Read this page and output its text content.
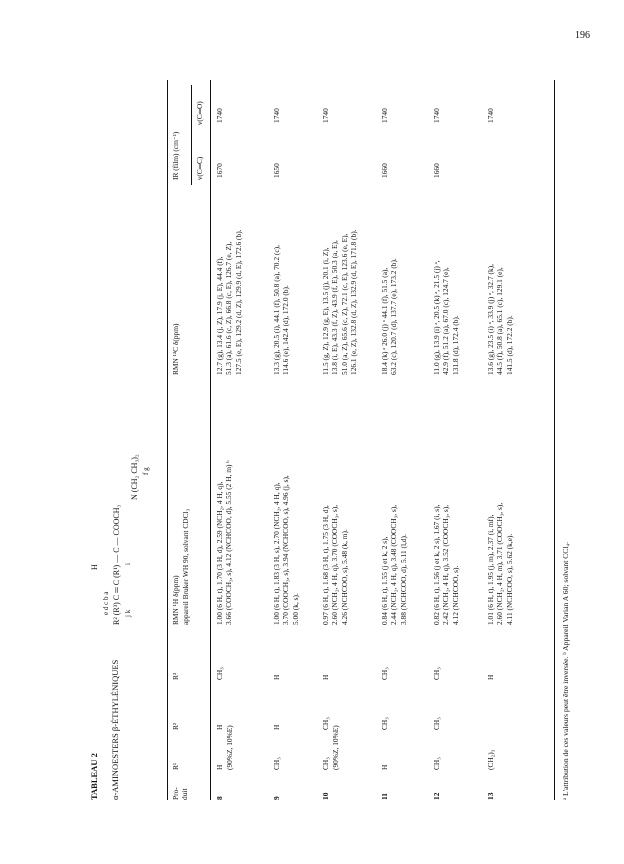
196
TABLEAU 2 α-AMINOESTERS β-ÉTHYLÉNIQUES
H
e d c b a R² (R³) C ═ C (R¹) — C — COOCH₃ j k
i
N (CH₂ CH₃)₂ f g
Pro- duit
R¹
R²
R³
RMN ¹H δ(ppm) appareil Bruker WH 90, solvant CDCl₃
RMN ¹³C δ(ppm)
IR (film) (cm⁻¹) ν(C═C)
ν(C═O)
8
H
H (90%Z, 10%E)
CH₃
1.00 (6 H, t), 1.70 (3 H, d), 2.59 (NCH₂, 4 H, q), 3.66 (COOCH₃, s), 4.12 (NCHCOO, d), 5.55 (2 H, m) ᵇ
12.7 (g), 13.4 (j, Z), 17.9 (j, E), 44.4 (f), 51.3 (a), 61.6 (c, Z), 66.8 (c, E), 126.7 (e, Z), 127.5 (e, E), 129.2 (d, Z), 129.9 (d, E), 172.6 (b).
1670
1740
9
CH₃
H
H
1.00 (6 H, t), 1.83 (3 H, s), 2.70 (NCH₂, 4 H, q), 3.70 (COOCH₃, s), 3.94 (NCHCOO, s), 4.96 (j, s), 5.00 (k, s).
13.3 (g), 20.5 (i), 44.1 (f), 50.8 (a), 70.2 (c), 114.6 (e), 142.4 (d), 172.0 (b).
1650
1740
10
CH₃
CH₃
(90%Z, 10%E)
H
0.97 (6 H, t), 1.68 (3 H, t), 1.75 (3 H, d), 2.60 (NCH₂, 4 H, q), 3.70 (COOCH₃, s), 4.26 (NCHCOO, s), 5.48 (k, m).
11.5 (g, Z), 12.9 (g, E), 13.5 (j), 20.1 (i, Z), 13.8 (i, E), 43.3 (f, Z), 43.9 (f, E), 50.3 (a, E), 51.0 (a, Z), 65.6 (c, Z), 72.1 (c, E), 123.6 (e, E), 126.1 (e, Z), 132.8 (d, Z), 132.9 (d, E), 171.8 (b).
1740
11
H
CH₃
CH₃
0.84 (6 H, t), 1.55 (j et k, 2 s), 2.44 (NCH₂, 4 H, q), 3.48 (COOCH₃, s), 3.88 (NCHCOO, d), 5.11 (l,d).
18.4 (k) ᵃ 26.0 (j) ᵃ 44.1 (f), 51.5 (a), 63.2 (c), 120.7 (d), 137.7 (e), 173.2 (b).
1660
1740
12
CH₃
CH₃
CH₃
0.82 (6 H, t), 1.56 (j et k, 2 s), 1.67 (i, s), 2.42 (NCH₂, 4 H, q), 3.52 (COOCH₃, s), 4.12 (NCHCOO, s).
11.0 (g), 13.9 (i) ᵃ, 20.5 (k) ᵃ, 21.5 (j) ᵃ, 42.9 (f), 51.2 (a), 67.0 (c), 124.7 (e), 131.8 (d), 172.4 (b).
1660
1740
13
(CH₂)₃
H
1.01 (6 H, t), 1.95 (j, m), 2.37 (i, mf), 2.60 (NCH₂, 4 H, m), 3.71 (COOCH₃, s), 4.11 (NCHCOO, s), 5.62 (k,e).
13.6 (g), 23.5 (i) ᵃ, 33.9 (j) ᵃ, 32.7 (k), 44.5 (f), 50.8 (a), 65.1 (c), 129.1 (e), 141.5 (d), 172.2 (b).
1740
ᵃ L'attribution de ces valeurs peut être inversée. ᵇ Appareil Varian A 60; solvant CCl₄.
